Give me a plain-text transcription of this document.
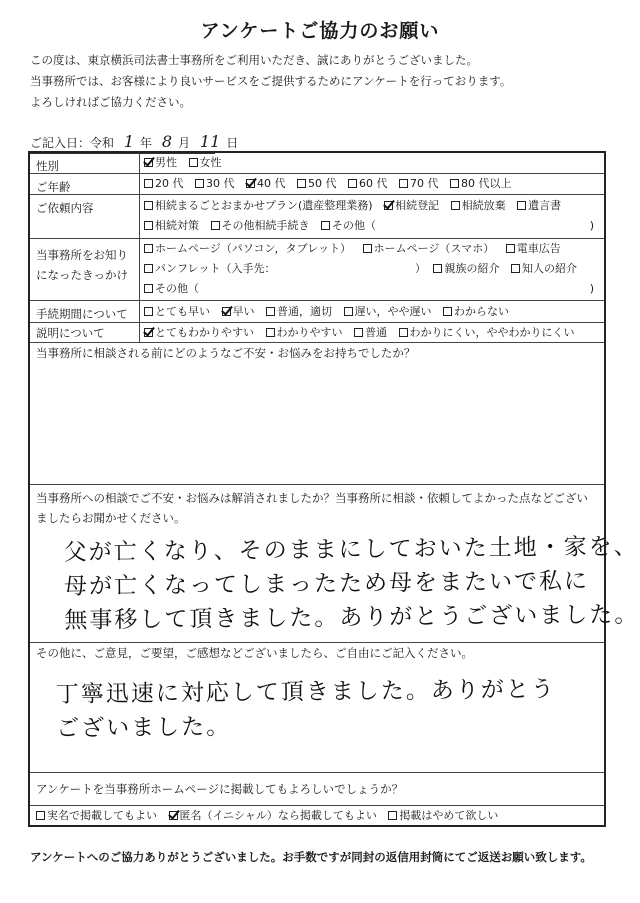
アンケートご協力のお願い
この度は、東京横浜司法書士事務所をご利用いただき、誠にありがとうございました。
当事務所では、お客様により良いサービスをご提供するためにアンケートを行っております。
よろしければご協力ください。
ご記入日：令和 1 年 8 月 11 日
性別	男性 女性
ご年齢	20 代 30 代 40 代 50 代 60 代 70 代 80 代以上
ご依頼内容	相続まるごとおまかせプラン(遺産整理業務) 相続登記 相続放棄 遺言書
相続対策 その他相続手続き その他（	)
当事務所をお知り
になったきっかけ
ホームページ（パソコン，タブレット） ホームページ（スマホ） 電車広告
パンフレット（入手先：	） 親族の紹介 知人の紹介
その他（	)
手続期間について	とても早い 早い 普通，適切 遅い，やや遅い わからない
説明について	とてもわかりやすい わかりやすい 普通 わかりにくい，ややわかりにくい
当事務所に相談される前にどのようなご不安・お悩みをお持ちでしたか？
当事務所への相談でご不安・お悩みは解消されましたか？当事務所に相談・依頼してよかった点などございましたらお聞かせください。
父が亡くなり、そのままにしておいた土地・家を、
母が亡くなってしまったため母をまたいで私に
無事移して頂きました。ありがとうございました。
その他に、ご意見，ご要望，ご感想などございましたら、ご自由にご記入ください。
丁寧迅速に対応して頂きました。ありがとう
ございました。
アンケートを当事務所ホームページに掲載してもよろしいでしょうか？
実名で掲載してもよい 匿名（イニシャル）なら掲載してもよい 掲載はやめて欲しい
アンケートへのご協力ありがとうございました。お手数ですが同封の返信用封筒にてご返送お願い致します。
